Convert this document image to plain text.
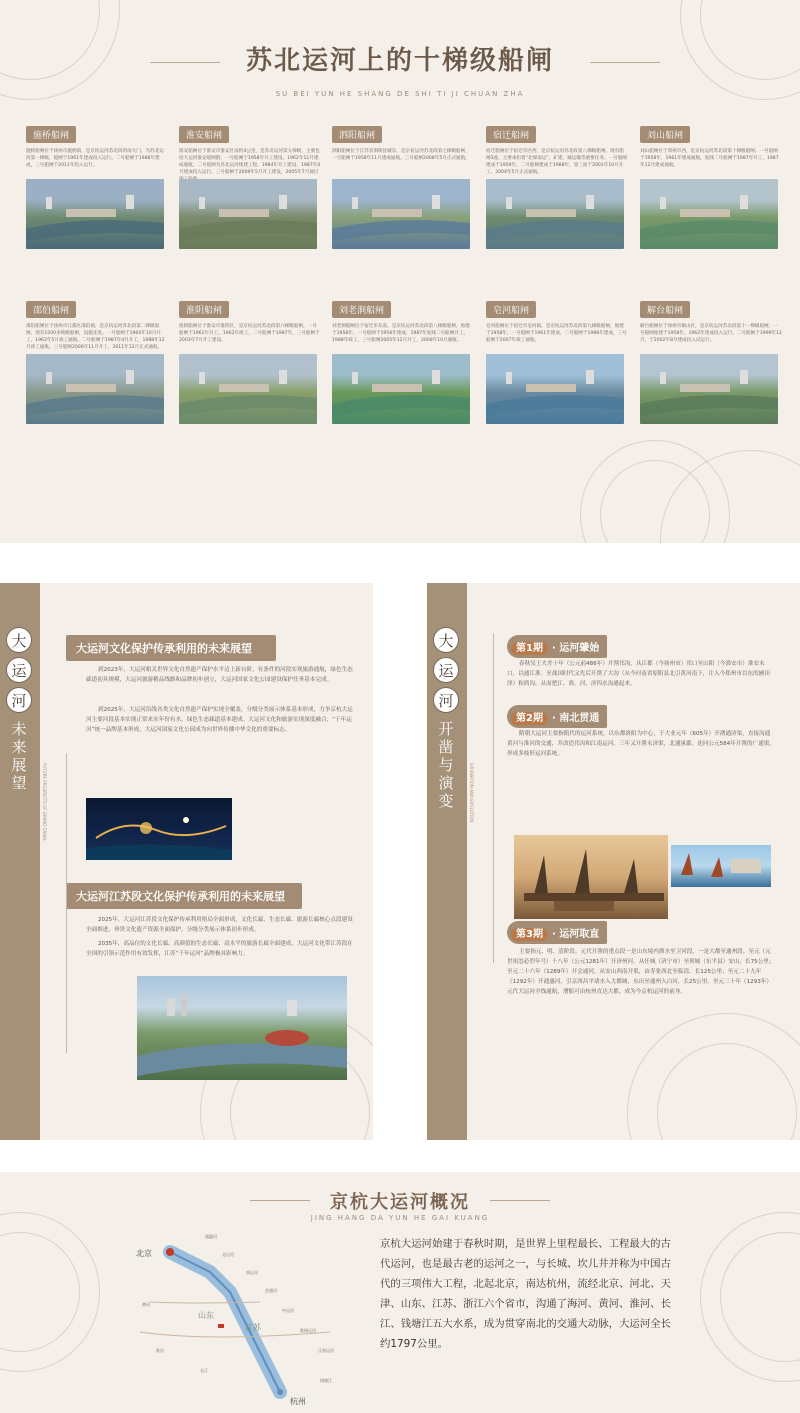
苏北运河上的十梯级船闸
SU BEI YUN HE SHANG DE SHI TI JI CHUAN ZHA
施桥船闸
施桥船闸位于扬州市施桥镇，是京杭运河苏北段的南大门，为苏北运河第一梯级，船闸于1961年建成投入运行。二号船闸于1988年建成，三号船闸于2011年投入运行。
淮安船闸
淮安船闸位于淮安市淮安区南约4公里，是苏北运河第五梯级，主要包括大运河淮安船闸群，一号船闸于1958年开工建设，1962年11月建成通航。二号船闸为苏北运河续建工程，1984年开工建设，1987年4月建成投入运行。三号船闸于2009年5月开工建设，2005年7月通过
泗阳船闸
泗阳船闸位于江苏省泗阳县城东，是京杭运河苏北段第七梯级船闸，一号船闸于1958年11月建成通航。三号船闸2008年5月正式通航。
宿迁船闸
宿迁船闸位于宿迁市区西，是京杭运河苏北段第八梯级船闸。现有船闸3座，主要承担着“北煤南运”，矿建、城运输等重要任务。一号船闸建成于1959年，二号船闸建成于1988年，第三座于2001年10月开工，2004年5月正式通航。
刘山船闸
刘山船闸位于邳州市西，是京杭运河苏北段第十梯级船闸。一号船闸于1958年，1961年建成通航，复线二号船闸于1987年开工，1987年12月建成通航。
邵伯船闸
邵伯船闸位于扬州市江都区邵伯镇，是京杭运河苏北段第二梯级船闸，现有1500多吨级船闸，设施先进。一号船闸于1960年10月开工，1962年5月竣工通航。二号船闸于1987年4月开工，1988年12月竣工通航。三号船闸2006年11月开工，2011年12月正式通航。
淮阴船闸
淮阴船闸位于淮安市淮阴区，是京杭运河苏北段第六梯级船闸。一号船闸于1961年开工，1962年竣工，二号船闸于1987年，三号船闸于2003年7月开工建设。
刘老涧船闸
刘老涧船闸位于宿迁市东南，是京杭运河苏北段第八梯级船闸，始建于1958年，一号船闸于1958年建成，1987年复线二号船闸开工，1988年竣工，三号船闸2005年12月开工，2008年10月通航。
皂河船闸
皂河船闸位于宿迁市皂河镇，是京杭运河苏北段第九梯级船闸，始建于1958年，一号船闸于1961年建成，二号船闸于1988年建成，三号船闸于2007年竣工通航。
解台船闸
解台船闸位于徐州市铜山区，是京杭运河苏北段第十一梯级船闸，一号船闸始建于1958年，1962年建成投入运行。二号船闸于1999年12月，于2002年8月建成投入试运行。
大
运
河
未来展望
FUTURE PROSPECTS OF GRAND CANAL
大运河文化保护传承利用的未来展望
到2023年，大运河相关世界文化自然遗产保护水平迈上新台阶，有条件的河段实现旅游通航，绿色生态廊道初具规模，大运河旅游精品线路和品牌初步创立，大运河国家文化公园建设保护任务基本完成。
到2025年，大运河沿线各类文化自然遗产保护实现全覆盖，分级分类展示体系基本形成，力争京杭大运河主要河段基本实现正常来水年份有水，绿色生态廊道基本建成。大运河文化和旅游实现深度融合，“千年运河”统一品牌基本形成，大运河国家文化公园成为向世界传播中华文化的重要标志。
大运河江苏段文化保护传承利用的未来展望
2025年，大运河江苏段文化保护传承利用格局全面形成，文化长廊、生态长廊、旅游长廊核心点段建设全面推进，珍贵文化遗产资源全面保护，分级分类展示体系初步形成。
2035年，高品位的文化长廊、高颜值的生态长廊、高水平的旅游长廊全面建成，大运河文化带江苏段在全国的引领示范作用有效发挥，江苏“千年运河”品牌极具影响力。
大
运
河
开凿与演变	EXCAVATION AND EVOLUTION
第1期 · 运河肇始
春秋吴王夫差十年（公元前486年）开凿邗沟，从江都（今扬州市）邗口至山阳（今淮安市）淮安末口，以通江淮。至战国时代又先后开凿了大沟（从今河南省原阳县北引黄河南下，注入今郑州市以东的圃田泽）和鸿沟，从而把江、淮、河、济四水沟通起来。
第2期 · 南北贯通
隋朝大运河主要指隋代的运河系统。以东都洛阳为中心，于大业元年（605年）开凿通济渠，直接沟通黄河与淮河的交通，并改造邗沟和江南运河，三年又开凿永济渠，北通涿郡。连同公元584年开凿的广通渠，形成多枝形运河系统。
第3期 · 运河取直
主要指元、明、清阶段。元代开凿的重点段一是山东境内泗水至卫河段，一是大都至通州段。至元（元世祖忽必烈年号）十八年（公元1281年）开济州河，从任城（济宁市）至须城（东平县）安山，长75公里；至元二十六年（1289年）开会通河，从安山西南开渠，由寿张西北至临清，长125公里；至元二十九年（1292年）开通惠河，引京西昌平诸水入大都城，东出至通州入白河，长25公里。至元三十年（1293年）元代大运河全线通航，漕船可由杭州直达大都，成为今京杭运河的前身。
京杭大运河概况
JING HANG DA YUN HE GAI KUANG
北京
杭州
山东
江苏
通惠河
北运河
南运河
会通河
中运河
淮扬运河
江南运河
黄河
长江
淮河
钱塘江
京杭大运河始建于春秋时期，是世界上里程最长、工程最大的古代运河，也是最古老的运河之一，与长城、坎儿井并称为中国古代的三项伟大工程，北起北京，南达杭州，流经北京、河北、天津、山东、江苏、浙江六个省市，沟通了海河、黄河、淮河、长江、钱塘江五大水系，成为贯穿南北的交通大动脉，大运河全长约1797公里。
